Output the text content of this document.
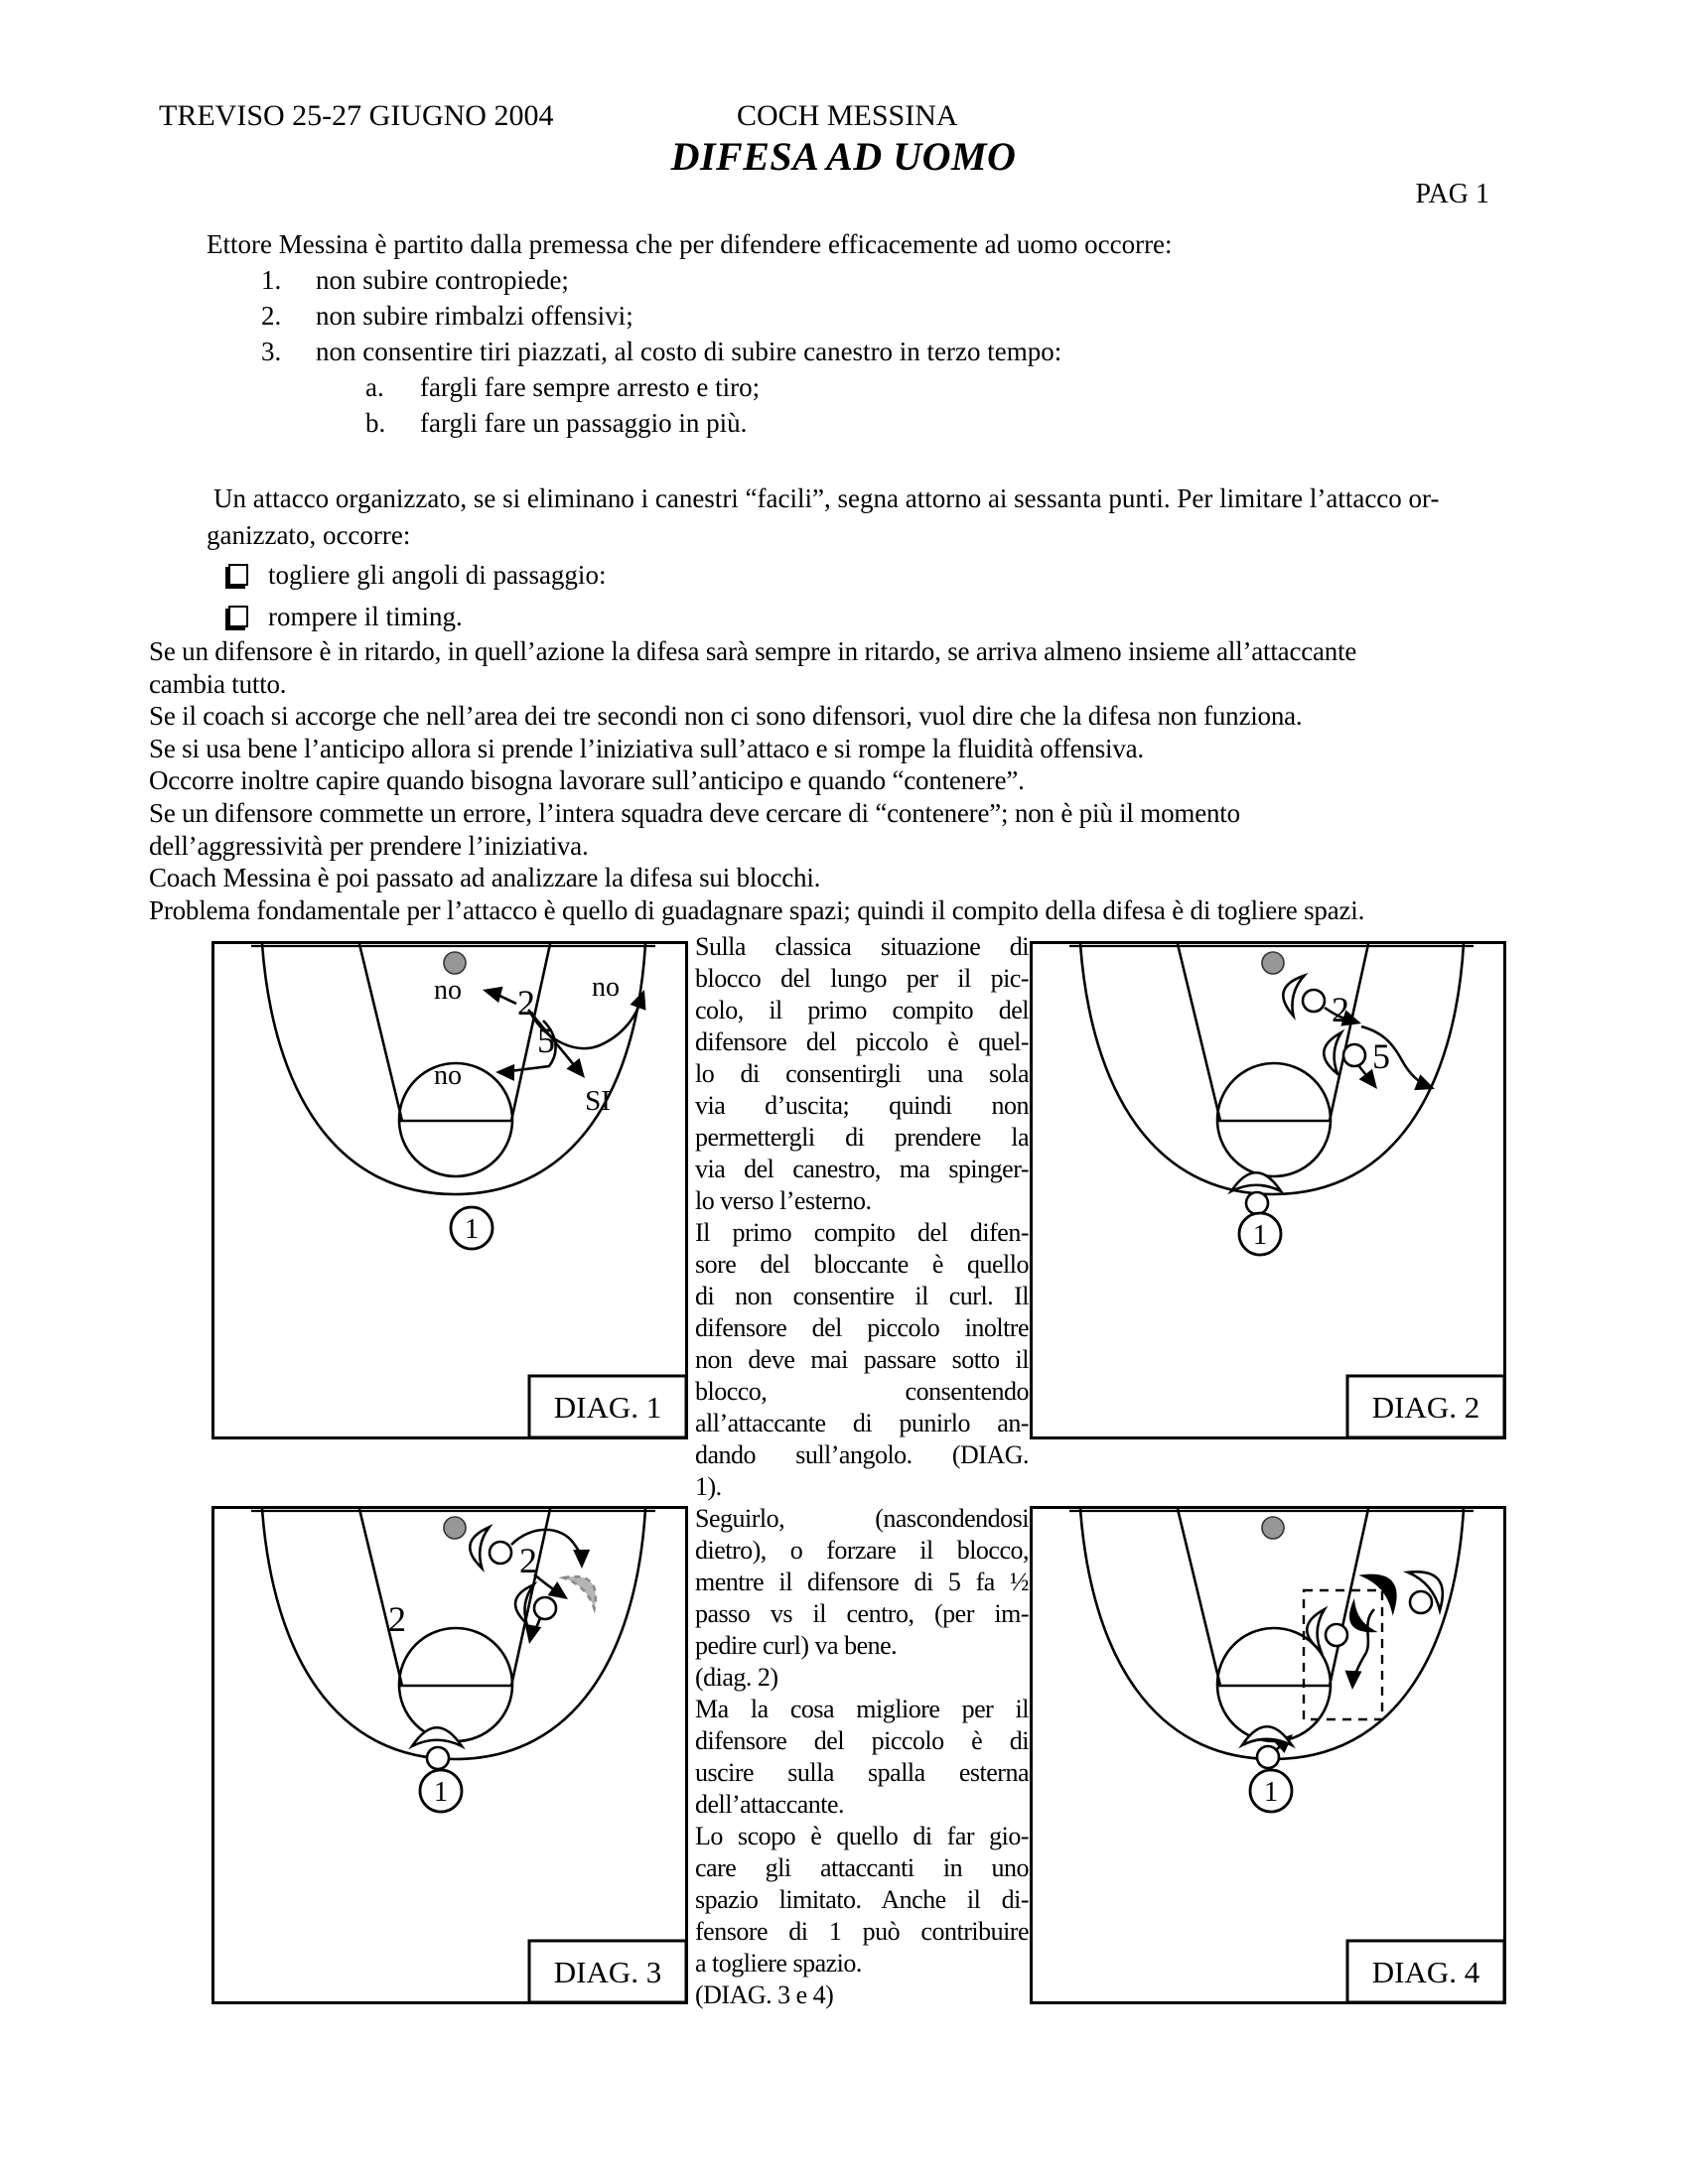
TREVISO 25-27 GIUGNO 2004	COCH MESSINA
DIFESA AD UOMO
PAG 1
Ettore Messina è partito dalla premessa che per difendere efficacemente ad uomo occorre:
1. non subire contropiede;
2. non subire rimbalzi offensivi;
3. non consentire tiri piazzati, al costo di subire canestro in terzo tempo:
a. fargli fare sempre arresto e tiro;
b. fargli fare un passaggio in più.
Un attacco organizzato, se si eliminano i canestri “facili”, segna attorno ai sessanta punti. Per limitare l’attacco or-
ganizzato, occorre:
togliere gli angoli di passaggio:
rompere il timing.
Se un difensore è in ritardo, in quell’azione la difesa sarà sempre in ritardo, se arriva almeno insieme all’attaccante
cambia tutto.
Se il coach si accorge che nell’area dei tre secondi non ci sono difensori, vuol dire che la difesa non funziona.
Se si usa bene l’anticipo allora si prende l’iniziativa sull’attaco e si rompe la fluidità offensiva.
Occorre inoltre capire quando bisogna lavorare sull’anticipo e quando “contenere”.
Se un difensore commette un errore, l’intera squadra deve cercare di “contenere”; non è più il momento
dell’aggressività per prendere l’iniziativa.
Coach Messina è poi passato ad analizzare la difesa sui blocchi.
Problema fondamentale per l’attacco è quello di guadagnare spazi; quindi il compito della difesa è di togliere spazi.
Sulla classica situazione di
blocco del lungo per il pic-
colo, il primo compito del
difensore del piccolo è quel-
lo di consentirgli una sola
via d’uscita; quindi non
permettergli di prendere la
via del canestro, ma spinger-
lo verso l’esterno.
Il primo compito del difen-
sore del bloccante è quello
di non consentire il curl. Il
difensore del piccolo inoltre
non deve mai passare sotto il
blocco, consentendo
all’attaccante di punirlo an-
dando sull’angolo. (DIAG.
1).
Seguirlo, (nascondendosi
dietro), o forzare il blocco,
mentre il difensore di 5 fa ½
passo vs il centro, (per im-
pedire curl) va bene.
(diag. 2)
Ma la cosa migliore per il
difensore del piccolo è di
uscire sulla spalla esterna
dell’attaccante.
Lo scopo è quello di far gio-
care gli attaccanti in uno
spazio limitato. Anche il di-
fensore di 1 può contribuire
a togliere spazio.
(DIAG. 3 e 4)
no 2 no
5
no
SI
1
DIAG. 1
2
5
1
DIAG. 2
2
2
1
DIAG. 3
1
DIAG. 4
